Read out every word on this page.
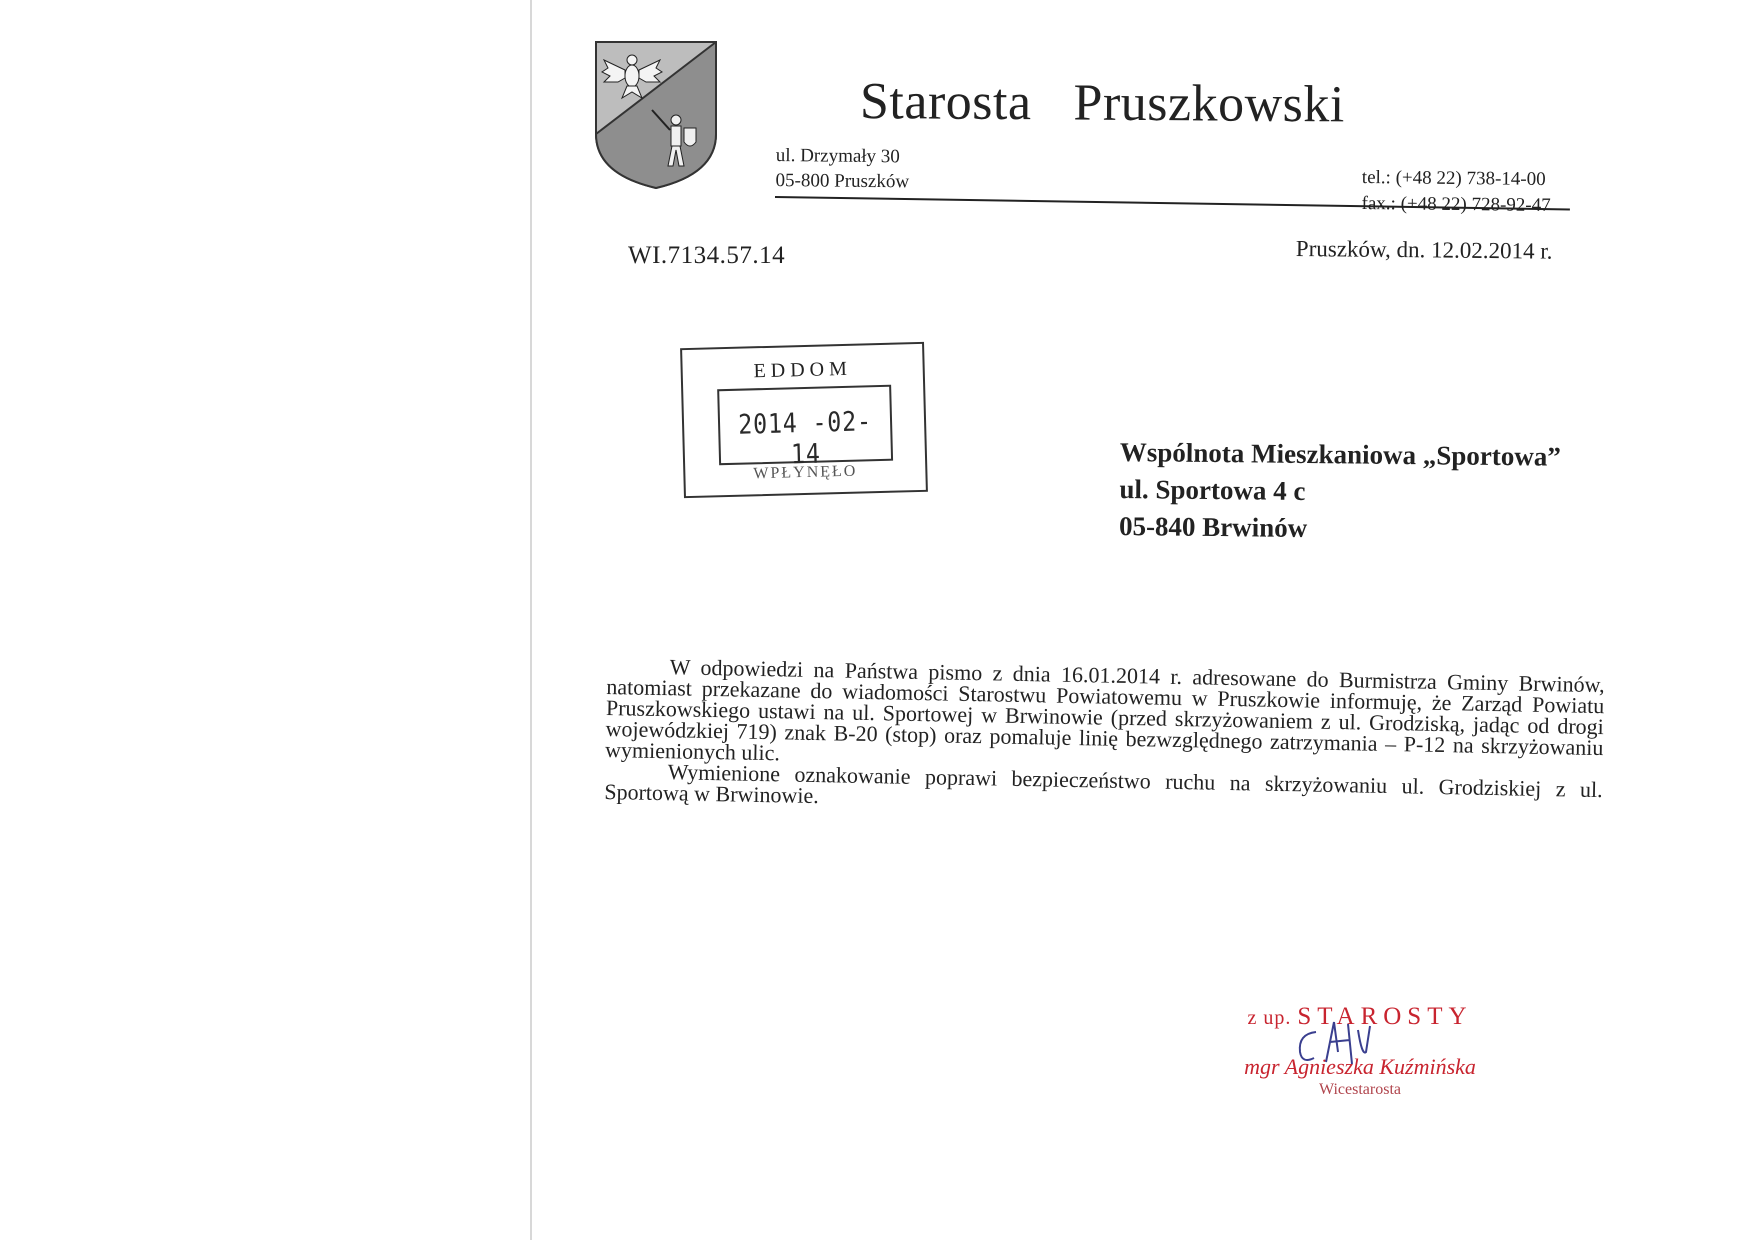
Starosta Pruszkowski
ul. Drzymały 30
05-800 Pruszków	tel.: (+48 22) 738-14-00
fax.: (+48 22) 728-92-47
WI.7134.57.14	Pruszków, dn. 12.02.2014 r.
EDDOM
2014 -02- 14
WPŁYNĘŁO
Wspólnota Mieszkaniowa „Sportowa”
ul. Sportowa 4 c
05-840 Brwinów

W odpowiedzi na Państwa pismo z dnia 16.01.2014 r. adresowane do Burmistrza Gminy Brwinów, natomiast przekazane do wiadomości Starostwu Powiatowemu w Pruszkowie informuję, że Zarząd Powiatu Pruszkowskiego ustawi na ul. Sportowej w Brwinowie (przed skrzyżowaniem z ul. Grodziską, jadąc od drogi wojewódzkiej 719) znak B-20 (stop) oraz pomaluje linię bezwzględnego zatrzymania – P-12 na skrzyżowaniu wymienionych ulic.

Wymienione oznakowanie poprawi bezpieczeństwo ruchu na skrzyżowaniu ul. Grodziskiej z ul. Sportową w Brwinowie.

z up. STAROSTY
mgr Agnieszka Kuźmińska
Wicestarosta
